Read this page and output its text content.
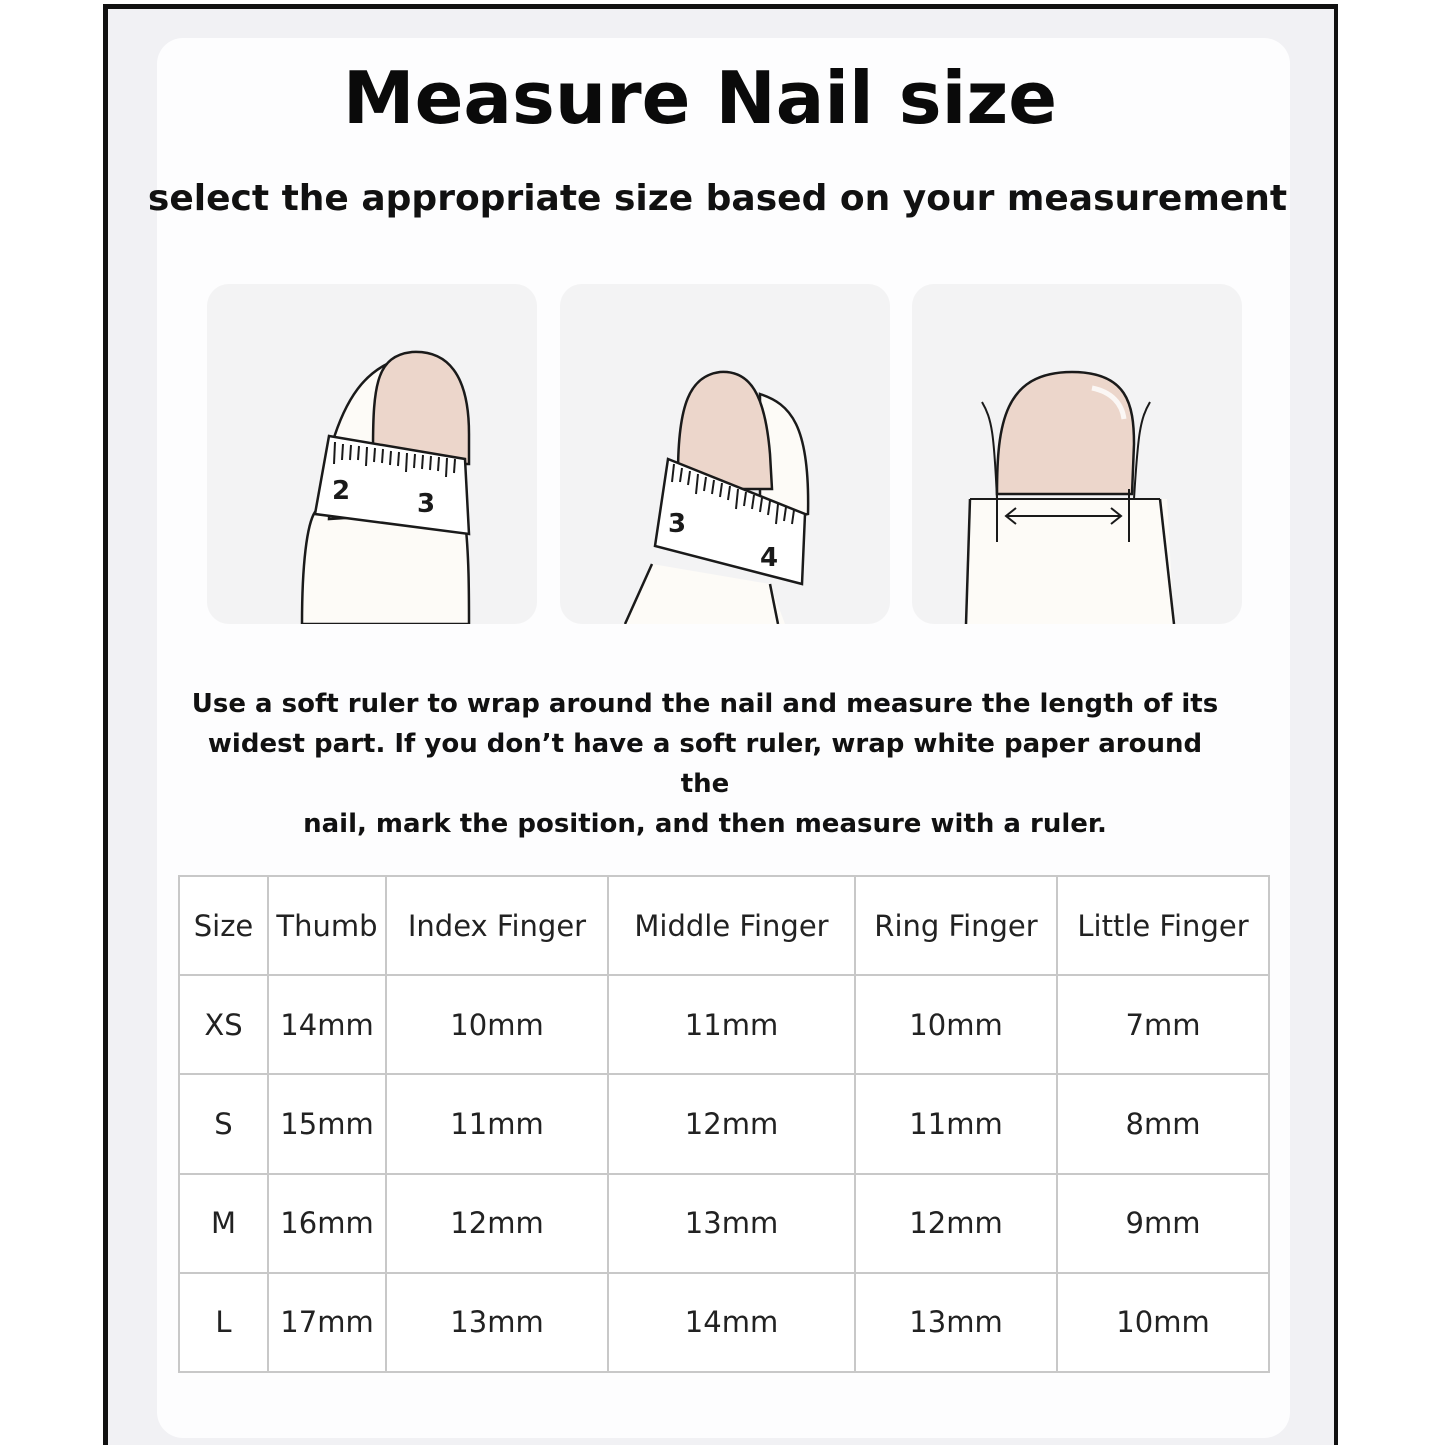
Measure Nail size
select the appropriate size based on your measurement
2	3
3
4
Use a soft ruler to wrap around the nail and measure the length of its
widest part. If you don’t have a soft ruler, wrap white paper around the
nail, mark the position, and then measure with a ruler.
Size	Thumb	Index Finger	Middle Finger	Ring Finger	Little Finger
XS	14mm	10mm	11mm	10mm	7mm
S	15mm	11mm	12mm	11mm	8mm
M	16mm	12mm	13mm	12mm	9mm
L	17mm	13mm	14mm	13mm	10mm
